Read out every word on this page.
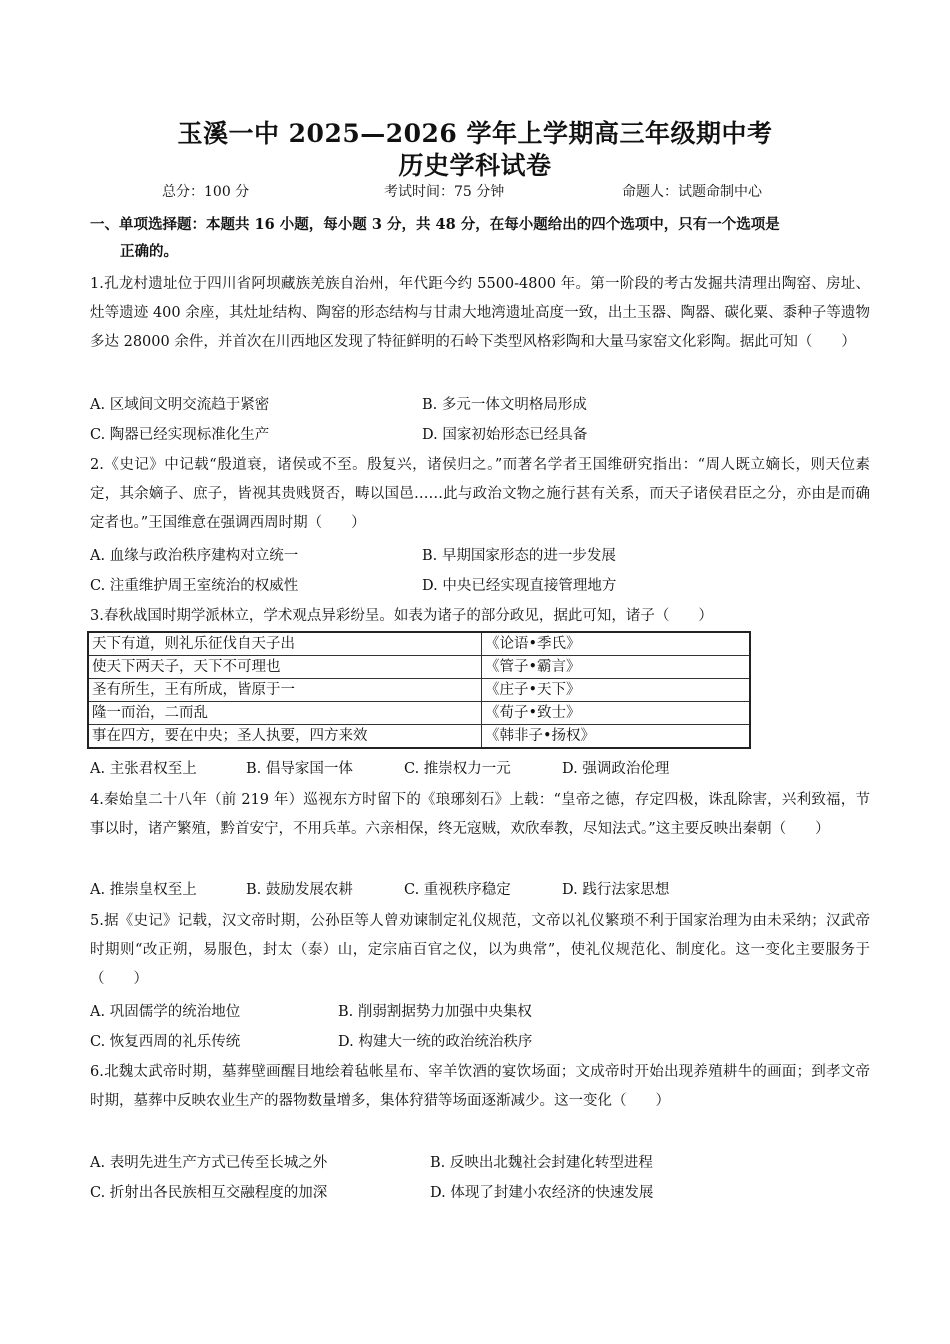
玉溪一中 2025—2026 学年上学期高三年级期中考
历史学科试卷
总分：100 分	考试时间：75 分钟	命题人：试题命制中心
一、单项选择题：本题共 16 小题，每小题 3 分，共 48 分，在每小题给出的四个选项中，只有一个选项是
正确的。
1.孔龙村遗址位于四川省阿坝藏族羌族自治州，年代距今约 5500-4800 年。第一阶段的考古发掘共清理出陶窑、房址、灶等遗迹 400 余座，其灶址结构、陶窑的形态结构与甘肃大地湾遗址高度一致，出土玉器、陶器、碳化粟、黍种子等遗物多达 28000 余件，并首次在川西地区发现了特征鲜明的石岭下类型风格彩陶和大量马家窑文化彩陶。据此可知（　　）
A. 区域间文明交流趋于紧密	B. 多元一体文明格局形成
C. 陶器已经实现标准化生产	D. 国家初始形态已经具备
2.《史记》中记载“殷道衰，诸侯或不至。殷复兴，诸侯归之。”而著名学者王国维研究指出：“周人既立嫡长，则天位素定，其余嫡子、庶子，皆视其贵贱贤否，畴以国邑……此与政治文物之施行甚有关系，而天子诸侯君臣之分，亦由是而确定者也。”王国维意在强调西周时期（　　）
A. 血缘与政治秩序建构对立统一	B. 早期国家形态的进一步发展
C. 注重维护周王室统治的权威性	D. 中央已经实现直接管理地方
3.春秋战国时期学派林立，学术观点异彩纷呈。如表为诸子的部分政见，据此可知，诸子（　　）
天下有道，则礼乐征伐自天子出	《论语•季氏》
使天下两天子，天下不可理也	《管子•霸言》
圣有所生，王有所成，皆原于一	《庄子•天下》
隆一而治，二而乱	《荀子•致士》
事在四方，要在中央；圣人执要，四方来效	《韩非子•扬权》
A. 主张君权至上	B. 倡导家国一体	C. 推崇权力一元	D. 强调政治伦理
4.秦始皇二十八年（前 219 年）巡视东方时留下的《琅琊刻石》上载：“皇帝之德，存定四极，诛乱除害，兴利致福，节事以时，诸产繁殖，黔首安宁，不用兵革。六亲相保，终无寇贼，欢欣奉教，尽知法式。”这主要反映出秦朝（　　）
A. 推崇皇权至上	B. 鼓励发展农耕	C. 重视秩序稳定	D. 践行法家思想
5.据《史记》记载，汉文帝时期，公孙臣等人曾劝谏制定礼仪规范，文帝以礼仪繁琐不利于国家治理为由未采纳；汉武帝时期则“改正朔，易服色，封太（泰）山，定宗庙百官之仪，以为典常”，使礼仪规范化、制度化。这一变化主要服务于（　　）
A. 巩固儒学的统治地位	B. 削弱割据势力加强中央集权
C. 恢复西周的礼乐传统	D. 构建大一统的政治统治秩序
6.北魏太武帝时期，墓葬壁画醒目地绘着毡帐星布、宰羊饮酒的宴饮场面；文成帝时开始出现养殖耕牛的画面；到孝文帝时期，墓葬中反映农业生产的器物数量增多，集体狩猎等场面逐渐减少。这一变化（　　）
A. 表明先进生产方式已传至长城之外	B. 反映出北魏社会封建化转型进程
C. 折射出各民族相互交融程度的加深	D. 体现了封建小农经济的快速发展
